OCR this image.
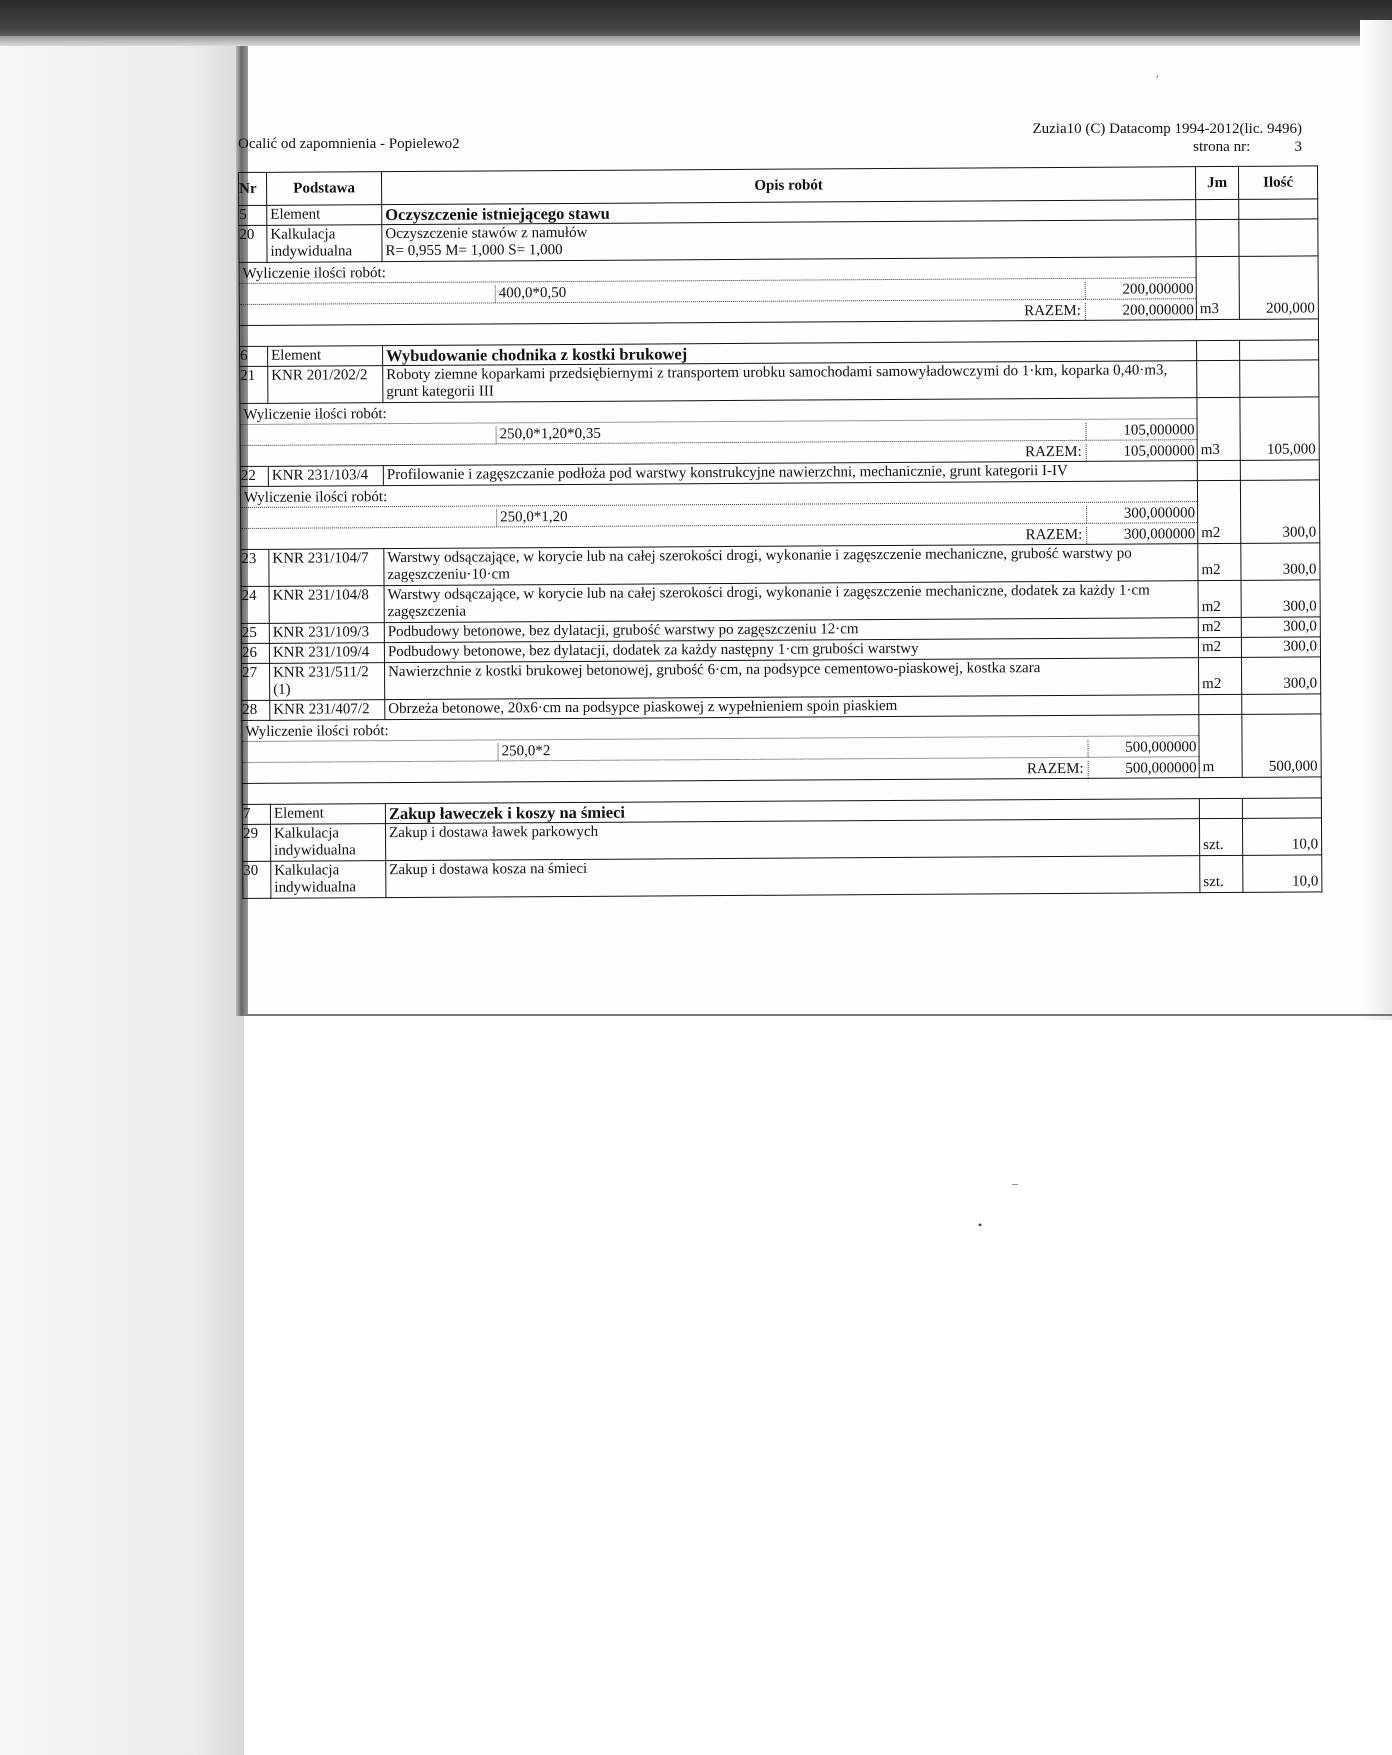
Ocalić od zapomnienia - Popielewo2
Zuzia10 (C) Datacomp 1994-2012(lic. 9496)
strona nr:	3
Nr	Podstawa	Opis robót	Jm	Ilość
5	Element	Oczyszczenie istniejącego stawu		
20	Kalkulacja indywidualna	Oczyszczenie stawów z namułów
R= 0,955 M= 1,000 S= 1,000		

Wyliczenie ilości robót:
400,0*0,50 200,000000
RAZEM: 200,000000			m3	200,000

6	Element	Wybudowanie chodnika z kostki brukowej		
21	KNR 201/202/2	Roboty ziemne koparkami przedsiębiernymi z transportem urobku samochodami samowyładowczymi do 1·km, koparka 0,40·m3, grunt kategorii III		

Wyliczenie ilości robót:
250,0*1,20*0,35 105,000000
RAZEM: 105,000000			m3	105,000
22	KNR 231/103/4	Profilowanie i zagęszczanie podłoża pod warstwy konstrukcyjne nawierzchni, mechanicznie, grunt kategorii I-IV		

Wyliczenie ilości robót:
250,0*1,20 300,000000
RAZEM: 300,000000			m2	300,0
23	KNR 231/104/7	Warstwy odsączające, w korycie lub na całej szerokości drogi, wykonanie i zagęszczenie mechaniczne, grubość warstwy po zagęszczeniu·10·cm	m2	300,0
24	KNR 231/104/8	Warstwy odsączające, w korycie lub na całej szerokości drogi, wykonanie i zagęszczenie mechaniczne, dodatek za każdy 1·cm zagęszczenia	m2	300,0
25	KNR 231/109/3	Podbudowy betonowe, bez dylatacji, grubość warstwy po zagęszczeniu 12·cm	m2	300,0
26	KNR 231/109/4	Podbudowy betonowe, bez dylatacji, dodatek za każdy następny 1·cm grubości warstwy	m2	300,0
27	KNR 231/511/2 (1)	Nawierzchnie z kostki brukowej betonowej, grubość 6·cm, na podsypce cementowo-piaskowej, kostka szara	m2	300,0
28	KNR 231/407/2	Obrzeża betonowe, 20x6·cm na podsypce piaskowej z wypełnieniem spoin piaskiem		

Wyliczenie ilości robót:
250,0*2 500,000000
RAZEM: 500,000000			m	500,000

7	Element	Zakup ławeczek i koszy na śmieci		
29	Kalkulacja indywidualna	Zakup i dostawa ławek parkowych	szt.	10,0
30	Kalkulacja indywidualna	Zakup i dostawa kosza na śmieci	szt.	10,0
′
–
•
